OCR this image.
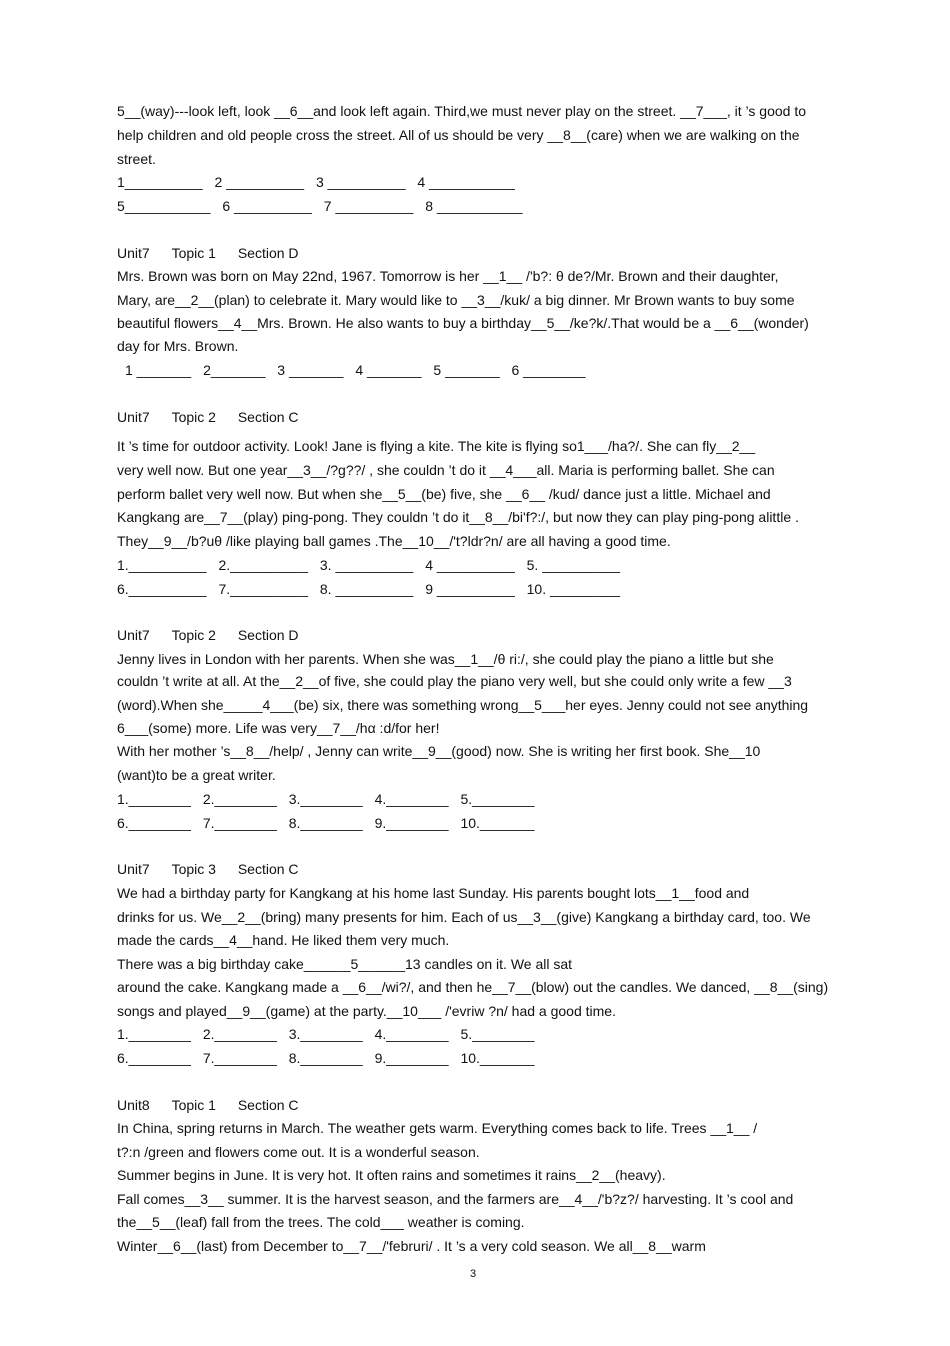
5__(way)---look left, look __6__and look left again. Third,we must never play on the street. __7___, it ’s good to
help children and old people cross the street. All of us should be very __8__(care) when we are walking on the
street.
1__________ 2 __________ 3 __________ 4 ___________
5___________ 6 __________ 7 __________ 8 ___________
Unit7 Topic 1 Section D
Mrs. Brown was born on May 22nd, 1967. Tomorrow is her __1__ /'b?: θ de?/Mr. Brown and their daughter,
Mary, are__2__(plan) to celebrate it. Mary would like to __3__/kuk/ a big dinner. Mr Brown wants to buy some
beautiful flowers__4__Mrs. Brown. He also wants to buy a birthday__5__/ke?k/.That would be a __6__(wonder)
day for Mrs. Brown.
1 _______ 2_______ 3 _______ 4 _______ 5 _______ 6 ________
Unit7 Topic 2 Section C
It ’s time for outdoor activity. Look! Jane is flying a kite. The kite is flying so1___/ha?/. She can fly__2__
very well now. But one year__3__/?g??/ , she couldn ’t do it __4___all. Maria is performing ballet. She can
perform ballet very well now. But when she__5__(be) five, she __6__ /kud/ dance just a little. Michael and
Kangkang are__7__(play) ping-pong. They couldn ’t do it__8__/bi'f?:/, but now they can play ping-pong alittle .
They__9__/b?uθ /like playing ball games .The__10__/'t?ldr?n/ are all having a good time.
1.__________ 2.__________ 3. __________ 4 __________ 5. __________
6.__________ 7.__________ 8. __________ 9 __________ 10. _________
Unit7 Topic 2 Section D
Jenny lives in London with her parents. When she was__1__/θ ri:/, she could play the piano a little but she
couldn ’t write at all. At the__2__of five, she could play the piano very well, but she could only write a few __3
(word).When she_____4___(be) six, there was something wrong__5___her eyes. Jenny could not see anything
6___(some) more. Life was very__7__/hα :d/for her!
With her mother ’s__8__/help/ , Jenny can write__9__(good) now. She is writing her first book. She__10
(want)to be a great writer.
1.________ 2.________ 3.________ 4.________ 5.________
6.________ 7.________ 8.________ 9.________ 10._______
Unit7 Topic 3 Section C
We had a birthday party for Kangkang at his home last Sunday. His parents bought lots__1__food and
drinks for us. We__2__(bring) many presents for him. Each of us__3__(give) Kangkang a birthday card, too. We
made the cards__4__hand. He liked them very much.
There was a big birthday cake______5______13 candles on it. We all sat
around the cake. Kangkang made a __6__/wi?/, and then he__7__(blow) out the candles. We danced, __8__(sing)
songs and played__9__(game) at the party.__10___ /'evriw ?n/ had a good time.
1.________ 2.________ 3.________ 4.________ 5.________
6.________ 7.________ 8.________ 9.________ 10._______
Unit8 Topic 1 Section C
In China, spring returns in March. The weather gets warm. Everything comes back to life. Trees __1__ /
t?:n /green and flowers come out. It is a wonderful season.
Summer begins in June. It is very hot. It often rains and sometimes it rains__2__(heavy).
Fall comes__3__ summer. It is the harvest season, and the farmers are__4__/'b?z?/ harvesting. It ’s cool and
the__5__(leaf) fall from the trees. The cold___ weather is coming.
Winter__6__(last) from December to__7__/'februri/ . It ’s a very cold season. We all__8__warm
3
